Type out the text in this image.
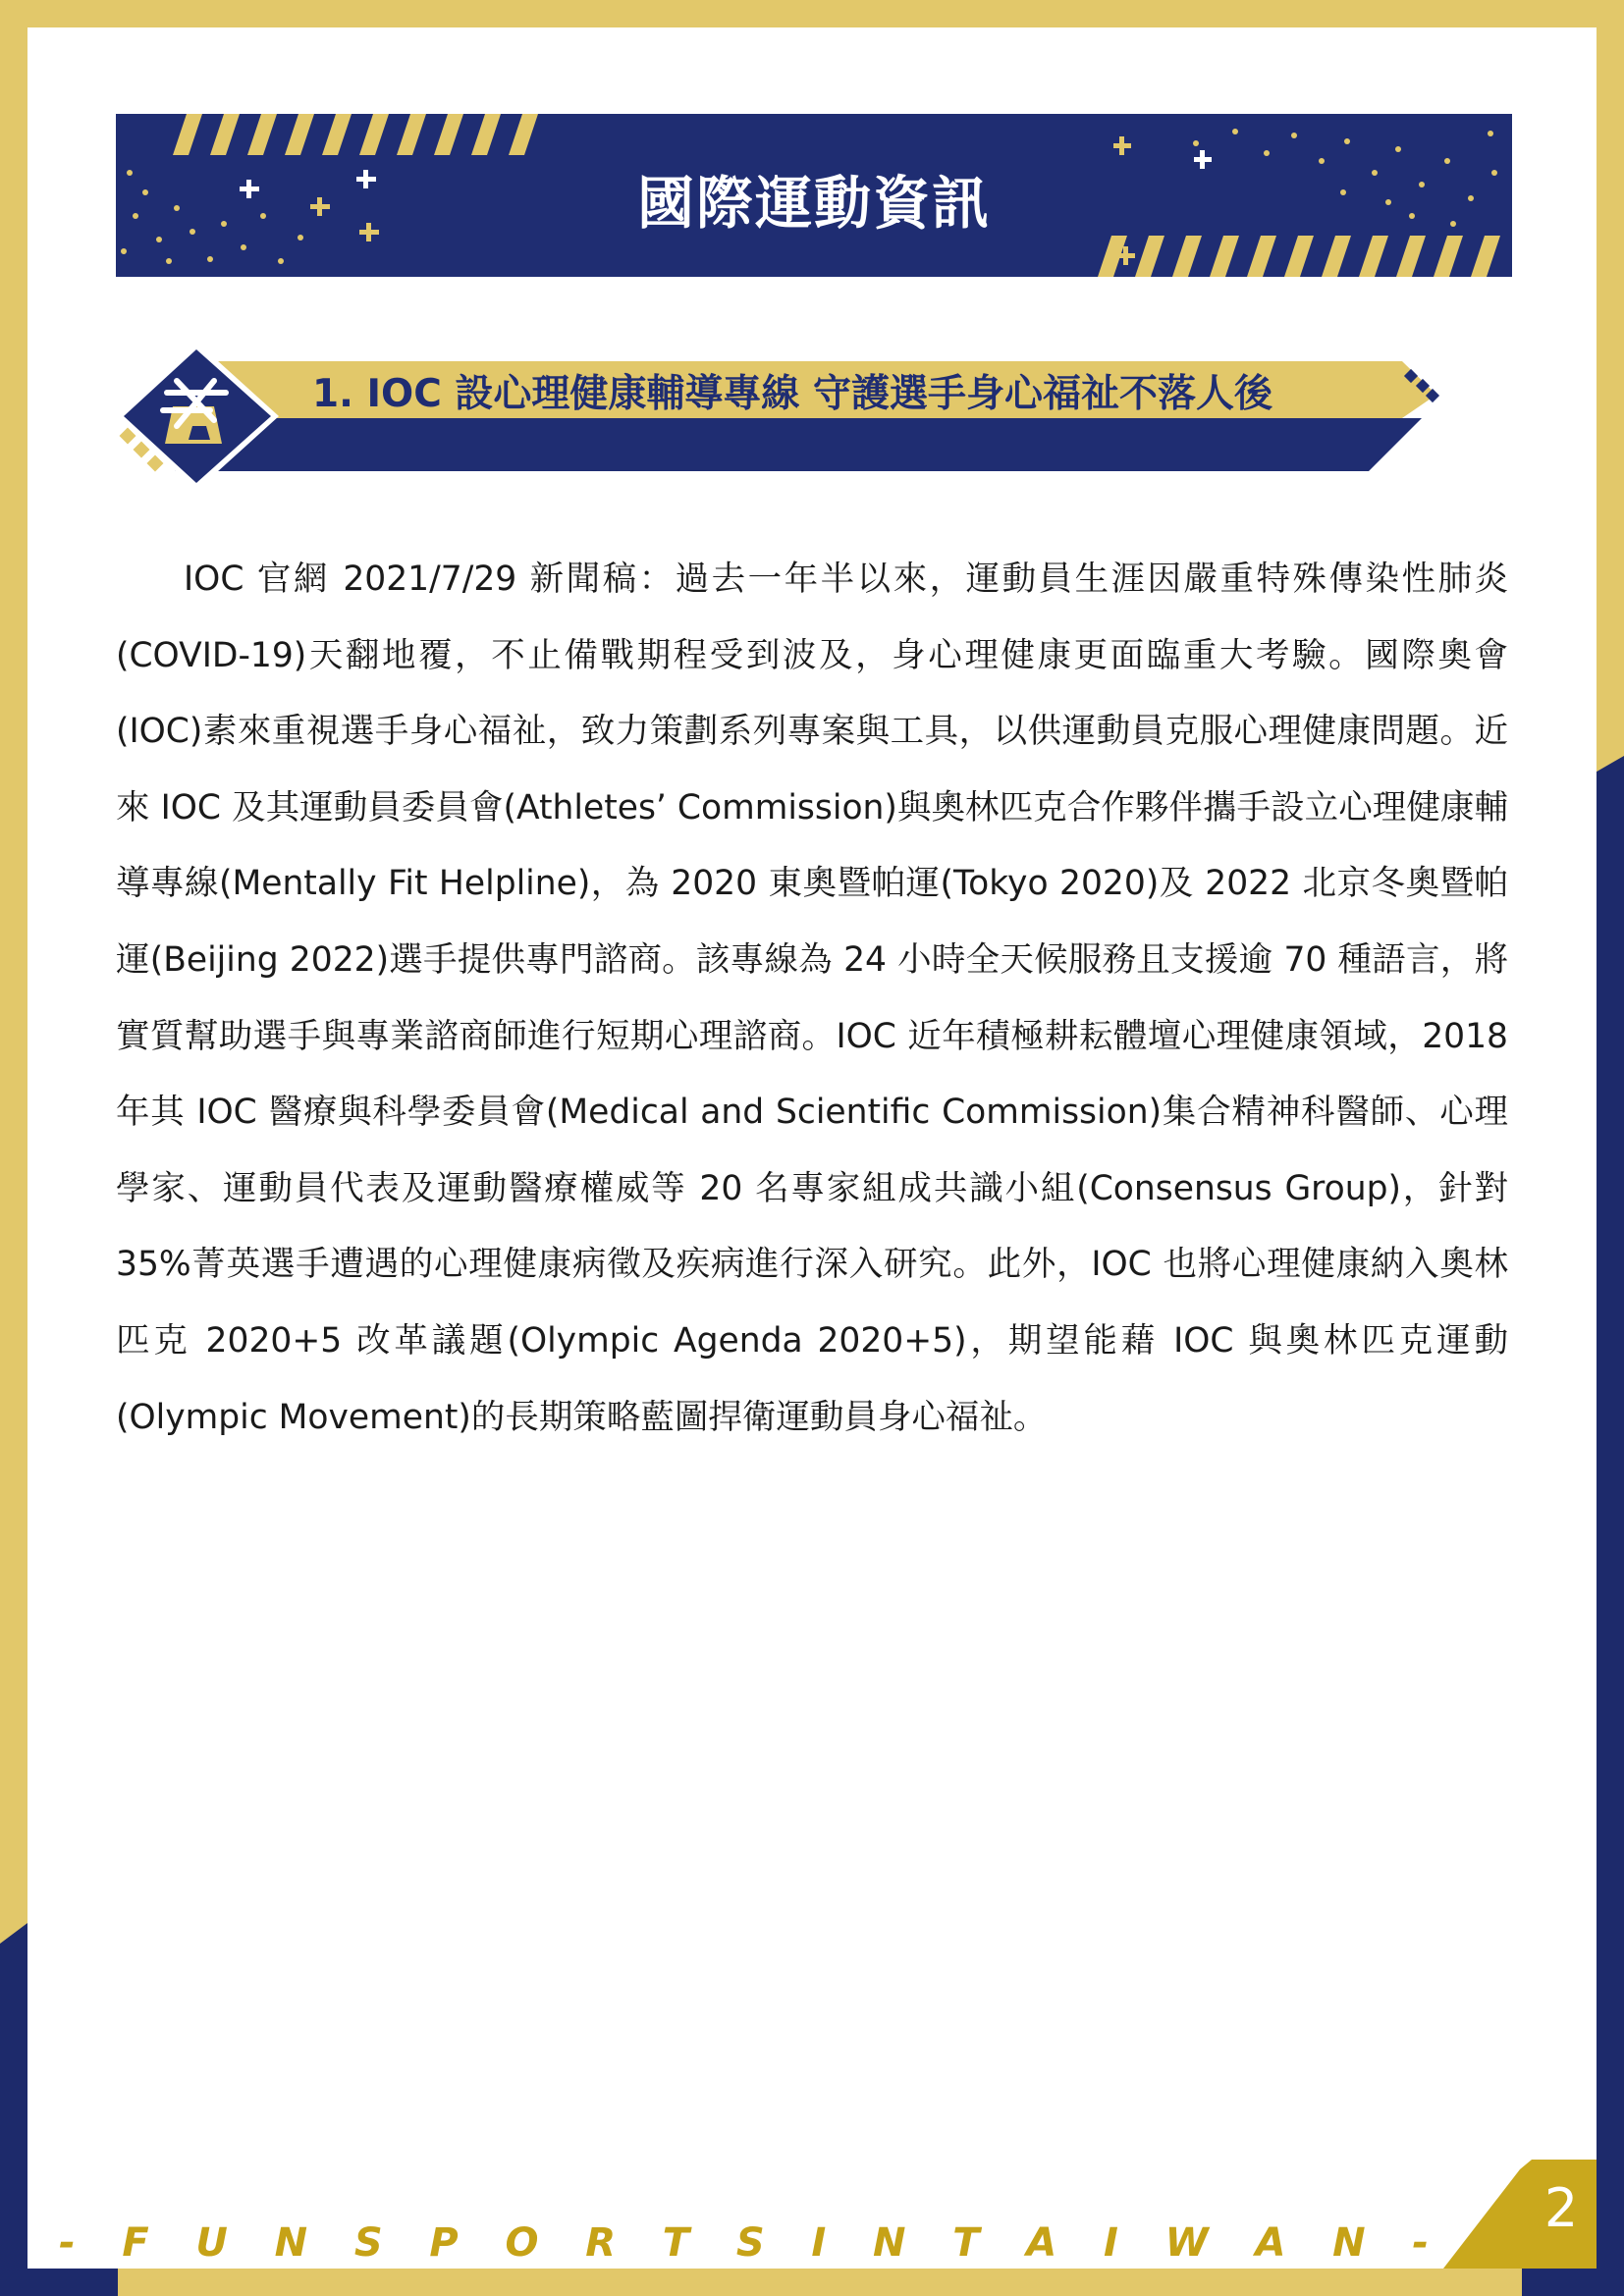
國際運動資訊
1. IOC 設心理健康輔導專線 守護選手身心福祉不落人後

IOC 官網 2021/7/29 新聞稿：過去一年半以來，運動員生涯因嚴重特殊傳染性肺炎(COVID-19)天翻地覆，不止備戰期程受到波及，身心理健康更面臨重大考驗。國際奧會(IOC)素來重視選手身心福祉，致力策劃系列專案與工具，以供運動員克服心理健康問題。近來 IOC 及其運動員委員會(Athletes’ Commission)與奧林匹克合作夥伴攜手設立心理健康輔導專線(Mentally Fit Helpline)，為 2020 東奧暨帕運(Tokyo 2020)及 2022 北京冬奧暨帕運(Beijing 2022)選手提供專門諮商。該專線為 24 小時全天候服務且支援逾 70 種語言，將實質幫助選手與專業諮商師進行短期心理諮商。IOC 近年積極耕耘體壇心理健康領域，2018 年其 IOC 醫療與科學委員會(Medical and Scientific Commission)集合精神科醫師、心理學家、運動員代表及運動醫療權威等 20 名專家組成共識小組(Consensus Group)，針對 35%菁英選手遭遇的心理健康病徵及疾病進行深入研究。此外，IOC 也將心理健康納入奧林匹克 2020+5 改革議題(Olympic Agenda 2020+5)，期望能藉 IOC 與奧林匹克運動(Olympic Movement)的長期策略藍圖捍衛運動員身心福祉。

- F U N S P O R T S I N T A I W A N -
2
